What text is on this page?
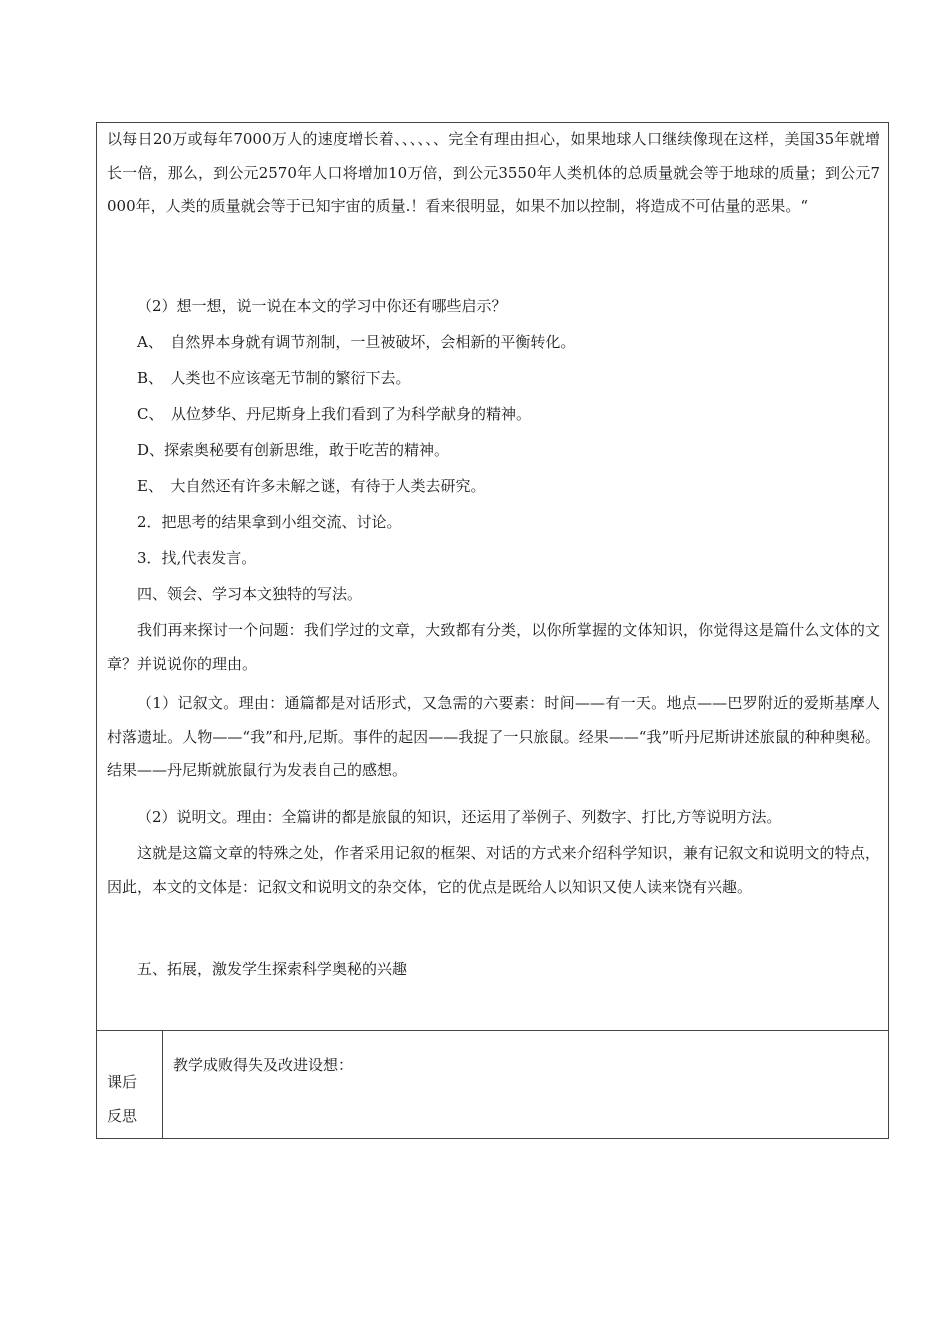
以每日20万或每年7000万人的速度增长着、、、、、、完全有理由担心，如果地球人口继续像现在这样，美国35年就增长一倍，那么，到公元2570年人口将增加10万倍，到公元3550年人类机体的总质量就会等于地球的质量；到公元7000年，人类的质量就会等于已知宇宙的质量.！看来很明显，如果不加以控制，将造成不可估量的恶果。“

（2）想一想，说一说在本文的学习中你还有哪些启示？

A、　自然界本身就有调节剂制，一旦被破坏，会相新的平衡转化。

B、　人类也不应该毫无节制的繁衍下去。

C、　从位梦华、丹尼斯身上我们看到了为科学献身的精神。

D、探索奥秘要有创新思维，敢于吃苦的精神。

E、　大自然还有许多未解之谜，有待于人类去研究。

2．把思考的结果拿到小组交流、讨论。

3．找,代表发言。

四、领会、学习本文独特的写法。

我们再来探讨一个问题：我们学过的文章，大致都有分类，以你所掌握的文体知识，你觉得这是篇什么文体的文章？并说说你的理由。

（1）记叙文。理由：通篇都是对话形式，又急需的六要素：时间——有一天。地点——巴罗附近的爱斯基摩人村落遗址。人物——“我”和丹,尼斯。事件的起因——我捉了一只旅鼠。经果——“我”听丹尼斯讲述旅鼠的种种奥秘。结果——丹尼斯就旅鼠行为发表自己的感想。

（2）说明文。理由：全篇讲的都是旅鼠的知识，还运用了举例子、列数字、打比,方等说明方法。

这就是这篇文章的特殊之处，作者采用记叙的框架、对话的方式来介绍科学知识，兼有记叙文和说明文的特点，因此，本文的文体是：记叙文和说明文的杂交体，它的优点是既给人以知识又使人读来饶有兴趣。

五、拓展，激发学生探索科学奥秘的兴趣

课后
反思
教学成败得失及改进设想：
